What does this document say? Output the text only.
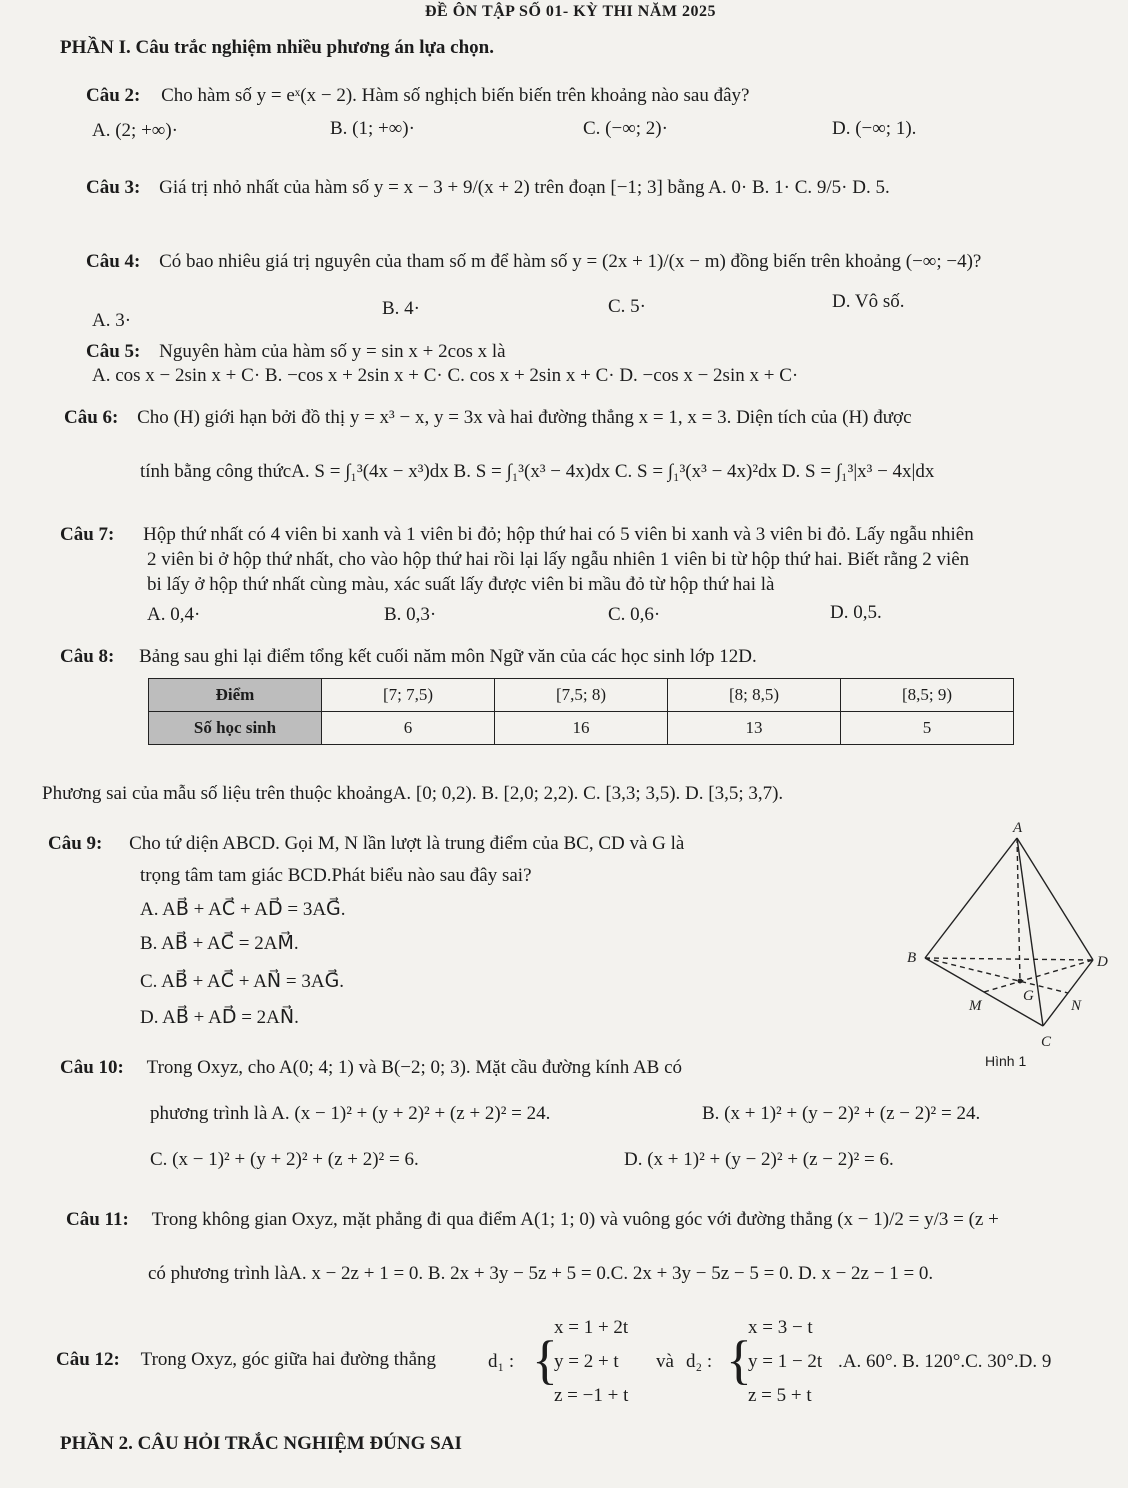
ĐỀ ÔN TẬP SỐ 01- KỲ THI NĂM 2025
PHẦN I. Câu trắc nghiệm nhiều phương án lựa chọn.
Câu 2: Cho hàm số y = eˣ(x − 2). Hàm số nghịch biến biến trên khoảng nào sau đây?
A. (2; +∞)·	B. (1; +∞)·	C. (−∞; 2)·	D. (−∞; 1).
Câu 3: Giá trị nhỏ nhất của hàm số y = x − 3 + 9/(x + 2) trên đoạn [−1; 3] bằng A. 0· B. 1· C. 9/5· D. 5.
Câu 4: Có bao nhiêu giá trị nguyên của tham số m để hàm số y = (2x + 1)/(x − m) đồng biến trên khoảng (−∞; −4)?
A. 3·
B. 4·	C. 5·	D. Vô số.
Câu 5: Nguyên hàm của hàm số y = sin x + 2cos x là
A. cos x − 2sin x + C· B. −cos x + 2sin x + C· C. cos x + 2sin x + C· D. −cos x − 2sin x + C·
Câu 6: Cho (H) giới hạn bởi đồ thị y = x³ − x, y = 3x và hai đường thẳng x = 1, x = 3. Diện tích của (H) được
tính bằng công thứcA. S = ∫₁³(4x − x³)dx B. S = ∫₁³(x³ − 4x)dx C. S = ∫₁³(x³ − 4x)²dx D. S = ∫₁³|x³ − 4x|dx
Câu 7: Hộp thứ nhất có 4 viên bi xanh và 1 viên bi đỏ; hộp thứ hai có 5 viên bi xanh và 3 viên bi đỏ. Lấy ngẫu nhiên
2 viên bi ở hộp thứ nhất, cho vào hộp thứ hai rồi lại lấy ngẫu nhiên 1 viên bi từ hộp thứ hai. Biết rằng 2 viên
bi lấy ở hộp thứ nhất cùng màu, xác suất lấy được viên bi mầu đỏ từ hộp thứ hai là
A. 0,4·	B. 0,3·	C. 0,6·	D. 0,5.
Câu 8: Bảng sau ghi lại điểm tổng kết cuối năm môn Ngữ văn của các học sinh lớp 12D.
Điểm	[7; 7,5)	[7,5; 8)	[8; 8,5)	[8,5; 9)
Số học sinh	6	16	13	5
Phương sai của mẫu số liệu trên thuộc khoảngA. [0; 0,2). B. [2,0; 2,2). C. [3,3; 3,5). D. [3,5; 3,7).
Câu 9: Cho tứ diện ABCD. Gọi M, N lần lượt là trung điểm của BC, CD và G là
trọng tâm tam giác BCD.Phát biểu nào sau đây sai?
A. AB⃗ + AC⃗ + AD⃗ = 3AG⃗.
B. AB⃗ + AC⃗ = 2AM⃗.
C. AB⃗ + AC⃗ + AN⃗ = 3AG⃗.
D. AB⃗ + AD⃗ = 2AN⃗.
A
B	D
M
G
N
C
Hình 1
Câu 10: Trong Oxyz, cho A(0; 4; 1) và B(−2; 0; 3). Mặt cầu đường kính AB có
phương trình là A. (x − 1)² + (y + 2)² + (z + 2)² = 24.	B. (x + 1)² + (y − 2)² + (z − 2)² = 24.
C. (x − 1)² + (y + 2)² + (z + 2)² = 6.	D. (x + 1)² + (y − 2)² + (z − 2)² = 6.
Câu 11: Trong không gian Oxyz, mặt phẳng đi qua điểm A(1; 1; 0) và vuông góc với đường thẳng (x − 1)/2 = y/3 = (z +
có phương trình làA. x − 2z + 1 = 0. B. 2x + 3y − 5z + 5 = 0.C. 2x + 3y − 5z − 5 = 0. D. x − 2z − 1 = 0.
Câu 12: Trong Oxyz, góc giữa hai đường thẳng	d₁ : {
x = 1 + 2t
y = 2 + t
z = −1 + t
và d₂ : {
x = 3 − t
y = 1 − 2t
z = 5 + t
.A. 60°. B. 120°.C. 30°.D. 9
PHẦN 2. CÂU HỎI TRẮC NGHIỆM ĐÚNG SAI
